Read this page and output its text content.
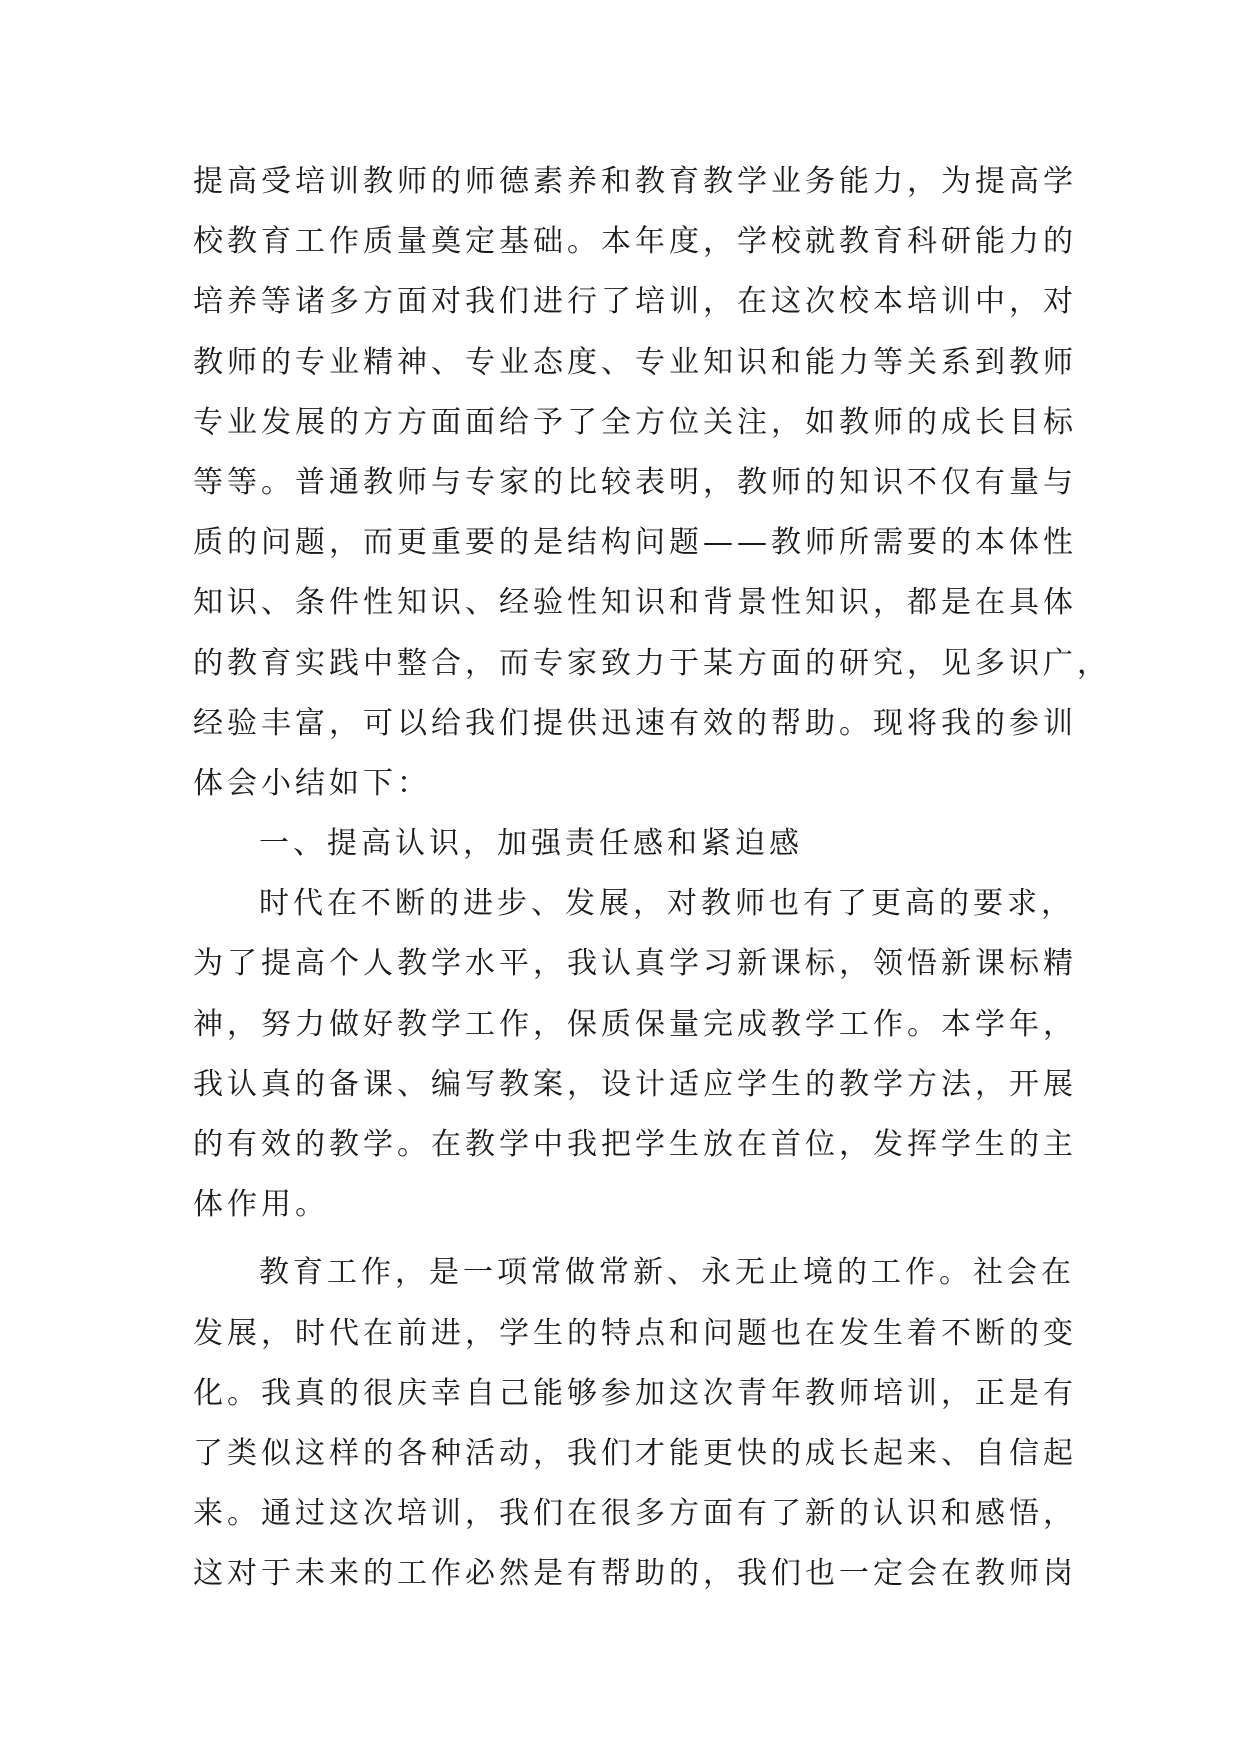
提高受培训教师的师德素养和教育教学业务能力，为提高学
校教育工作质量奠定基础。本年度，学校就教育科研能力的
培养等诸多方面对我们进行了培训，在这次校本培训中，对
教师的专业精神、专业态度、专业知识和能力等关系到教师
专业发展的方方面面给予了全方位关注，如教师的成长目标
等等。普通教师与专家的比较表明，教师的知识不仅有量与
质的问题，而更重要的是结构问题——教师所需要的本体性
知识、条件性知识、经验性知识和背景性知识，都是在具体
的教育实践中整合，而专家致力于某方面的研究，见多识广，
经验丰富，可以给我们提供迅速有效的帮助。现将我的参训
体会小结如下：
一、提高认识，加强责任感和紧迫感
时代在不断的进步、发展，对教师也有了更高的要求，
为了提高个人教学水平，我认真学习新课标，领悟新课标精
神，努力做好教学工作，保质保量完成教学工作。本学年，
我认真的备课、编写教案，设计适应学生的教学方法，开展
的有效的教学。在教学中我把学生放在首位，发挥学生的主
体作用。
教育工作，是一项常做常新、永无止境的工作。社会在
发展，时代在前进，学生的特点和问题也在发生着不断的变
化。我真的很庆幸自己能够参加这次青年教师培训，正是有
了类似这样的各种活动，我们才能更快的成长起来、自信起
来。通过这次培训，我们在很多方面有了新的认识和感悟，
这对于未来的工作必然是有帮助的，我们也一定会在教师岗
